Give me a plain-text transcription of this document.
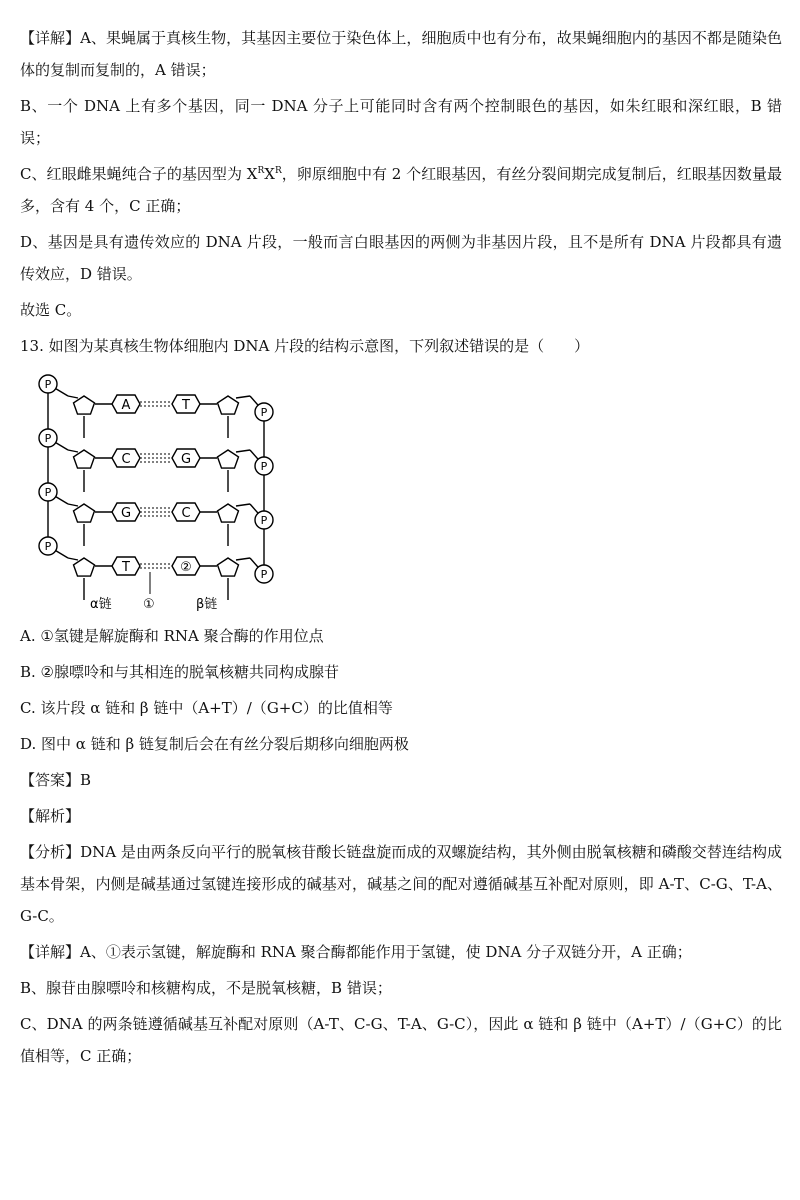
【详解】A、果蝇属于真核生物，其基因主要位于染色体上，细胞质中也有分布，故果蝇细胞内的基因不都是随染色体的复制而复制的，A 错误；

B、一个 DNA 上有多个基因，同一 DNA 分子上可能同时含有两个控制眼色的基因，如朱红眼和深红眼，B 错误；

C、红眼雌果蝇纯合子的基因型为 $X^RX^R$，卵原细胞中有 2 个红眼基因，有丝分裂间期完成复制后，红眼基因数量最多，含有 4 个，C 正确；

D、基因是具有遗传效应的 DNA 片段，一般而言白眼基因的两侧为非基因片段，且不是所有 DNA 片段都具有遗传效应，D 错误。

故选 C。

13. 如图为某真核生物体细胞内 DNA 片段的结构示意图，下列叙述错误的是（　　）

A	T
C	G
G	C
T	②
P
P
P
P
P
P
P
P
α链 ①	β链

A. ①氢键是解旋酶和 RNA 聚合酶的作用位点

B. ②腺嘌呤和与其相连的脱氧核糖共同构成腺苷

C. 该片段 α 链和 β 链中（A+T）/（G+C）的比值相等

D. 图中 α 链和 β 链复制后会在有丝分裂后期移向细胞两极

【答案】B

【解析】

【分析】DNA 是由两条反向平行的脱氧核苷酸长链盘旋而成的双螺旋结构，其外侧由脱氧核糖和磷酸交替连结构成基本骨架，内侧是碱基通过氢键连接形成的碱基对，碱基之间的配对遵循碱基互补配对原则，即 A-T、C-G、T-A、G-C。

【详解】A、①表示氢键，解旋酶和 RNA 聚合酶都能作用于氢键，使 DNA 分子双链分开，A 正确；

B、腺苷由腺嘌呤和核糖构成，不是脱氧核糖，B 错误；

C、DNA 的两条链遵循碱基互补配对原则（A-T、C-G、T-A、G-C），因此 α 链和 β 链中（A+T）/（G+C）的比值相等，C 正确；
